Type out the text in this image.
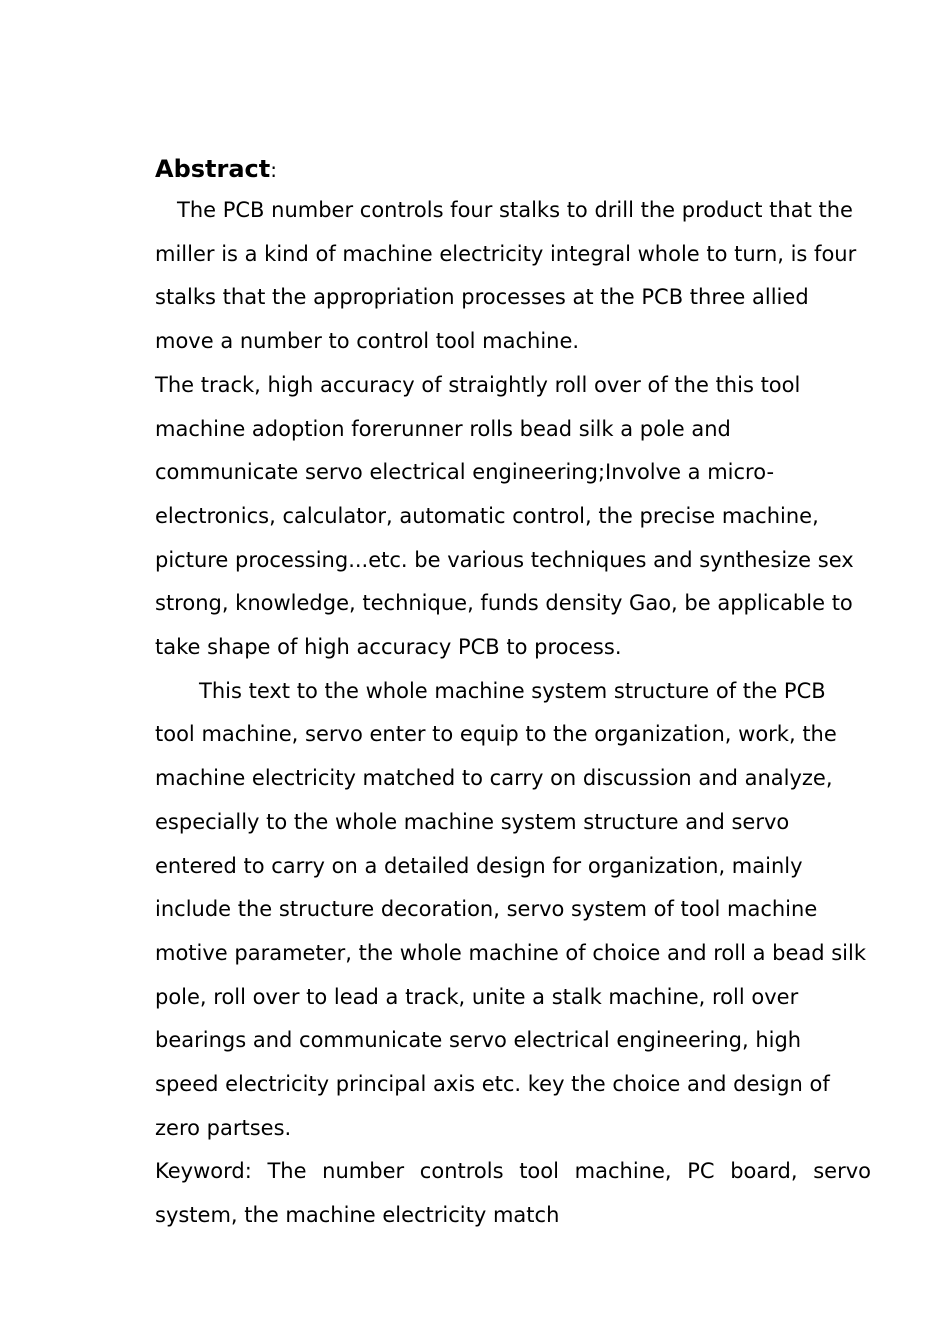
Abstract:

The PCB number controls four stalks to drill the product that the miller is a kind of machine electricity integral whole to turn, is four stalks that the appropriation processes at the PCB three allied move a number to control tool machine.

The track, high accuracy of straightly roll over of the this tool machine adoption forerunner rolls bead silk a pole and communicate servo electrical engineering;Involve a micro-electronics, calculator, automatic control, the precise machine, picture processing...etc. be various techniques and synthesize sex strong, knowledge, technique, funds density Gao, be applicable to take shape of high accuracy PCB to process.

This text to the whole machine system structure of the PCB tool machine, servo enter to equip to the organization, work, the machine electricity matched to carry on discussion and analyze, especially to the whole machine system structure and servo entered to carry on a detailed design for organization, mainly include the structure decoration, servo system of tool machine motive parameter, the whole machine of choice and roll a bead silk pole, roll over to lead a track, unite a stalk machine, roll over bearings and communicate servo electrical engineering, high speed electricity principal axis etc. key the choice and design of zero partses.

Keyword: The number controls tool machine, PC board, servo system, the machine electricity match
